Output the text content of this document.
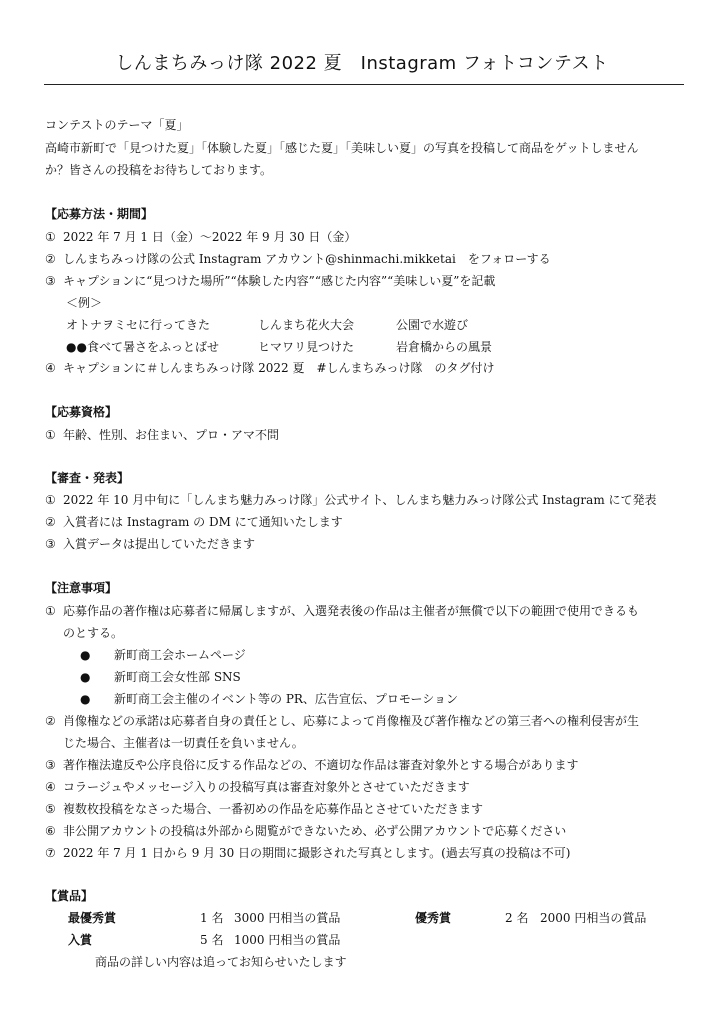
しんまちみっけ隊 2022 夏　Instagram フォトコンテスト
コンテストのテーマ「夏」
高崎市新町で「見つけた夏」「体験した夏」「感じた夏」「美味しい夏」の写真を投稿して商品をゲットしません
か？皆さんの投稿をお待ちしております。
【応募方法・期間】
① 2022 年 7 月 1 日（金）～2022 年 9 月 30 日（金）
② しんまちみっけ隊の公式 Instagram アカウント@shinmachi.mikketai　をフォローする
③ キャプションに“見つけた場所”“体験した内容”“感じた内容”“美味しい夏”を記載
＜例＞
オトナヲミセに行ってきた	しんまち花火大会	公園で水遊び
●●食べて暑さをふっとばせ	ヒマワリ見つけた	岩倉橋からの風景
④ キャプションに＃しんまちみっけ隊 2022 夏　#しんまちみっけ隊　のタグ付け
【応募資格】
① 年齢、性別、お住まい、プロ・アマ不問
【審査・発表】
① 2022 年 10 月中旬に「しんまち魅力みっけ隊」公式サイト、しんまち魅力みっけ隊公式 Instagram にて発表
② 入賞者には Instagram の DM にて通知いたします
③ 入賞データは提出していただきます
【注意事項】
① 応募作品の著作権は応募者に帰属しますが、入選発表後の作品は主催者が無償で以下の範囲で使用できるも
のとする。
● 新町商工会ホームページ
● 新町商工会女性部 SNS
● 新町商工会主催のイベント等の PR、広告宣伝、プロモーション
② 肖像権などの承諾は応募者自身の責任とし、応募によって肖像権及び著作権などの第三者への権利侵害が生
じた場合、主催者は一切責任を負いません。
③ 著作権法違反や公序良俗に反する作品などの、不適切な作品は審査対象外とする場合があります
④ コラージュやメッセージ入りの投稿写真は審査対象外とさせていただきます
⑤ 複数枚投稿をなさった場合、一番初めの作品を応募作品とさせていただきます
⑥ 非公開アカウントの投稿は外部から閲覧ができないため、必ず公開アカウントで応募ください
⑦ 2022 年 7 月 1 日から 9 月 30 日の期間に撮影された写真とします。(過去写真の投稿は不可)
【賞品】
最優秀賞	1 名 3000 円相当の賞品	優秀賞	2 名 2000 円相当の賞品
入賞	5 名 1000 円相当の賞品
商品の詳しい内容は追ってお知らせいたします
